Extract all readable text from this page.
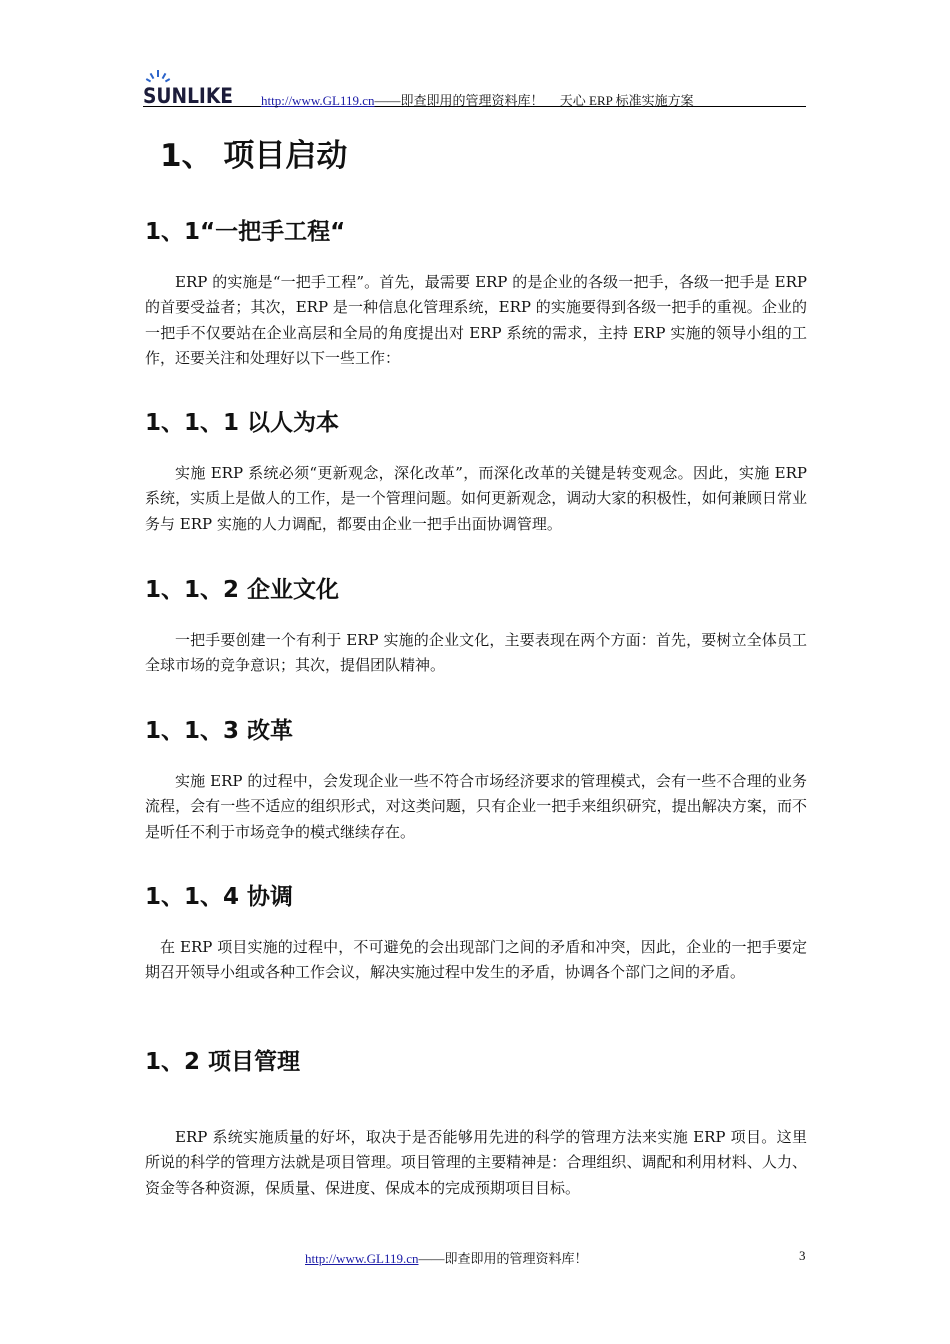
SUNLIKE http://www.GL119.cn——即查即用的管理资料库！ 天心 ERP 标准实施方案
1、 项目启动
1、1“一把手工程“

ERP 的实施是“一把手工程”。首先，最需要 ERP 的是企业的各级一把手，各级一把手是 ERP 的首要受益者；其次，ERP 是一种信息化管理系统，ERP 的实施要得到各级一把手的重视。企业的一把手不仅要站在企业高层和全局的角度提出对 ERP 系统的需求，主持 ERP 实施的领导小组的工作，还要关注和处理好以下一些工作：

1、1、1 以人为本

实施 ERP 系统必须“更新观念，深化改革”，而深化改革的关键是转变观念。因此，实施 ERP 系统，实质上是做人的工作，是一个管理问题。如何更新观念，调动大家的积极性，如何兼顾日常业务与 ERP 实施的人力调配，都要由企业一把手出面协调管理。

1、1、2 企业文化

一把手要创建一个有利于 ERP 实施的企业文化，主要表现在两个方面：首先，要树立全体员工全球市场的竞争意识；其次，提倡团队精神。

1、1、3 改革

实施 ERP 的过程中，会发现企业一些不符合市场经济要求的管理模式，会有一些不合理的业务流程，会有一些不适应的组织形式，对这类问题，只有企业一把手来组织研究，提出解决方案，而不是听任不利于市场竞争的模式继续存在。

1、1、4 协调

在 ERP 项目实施的过程中，不可避免的会出现部门之间的矛盾和冲突，因此，企业的一把手要定期召开领导小组或各种工作会议，解决实施过程中发生的矛盾，协调各个部门之间的矛盾。

1、2 项目管理

ERP 系统实施质量的好坏，取决于是否能够用先进的科学的管理方法来实施 ERP 项目。这里所说的科学的管理方法就是项目管理。项目管理的主要精神是：合理组织、调配和利用材料、人力、资金等各种资源，保质量、保进度、保成本的完成预期项目目标。

http://www.GL119.cn——即查即用的管理资料库！	3
